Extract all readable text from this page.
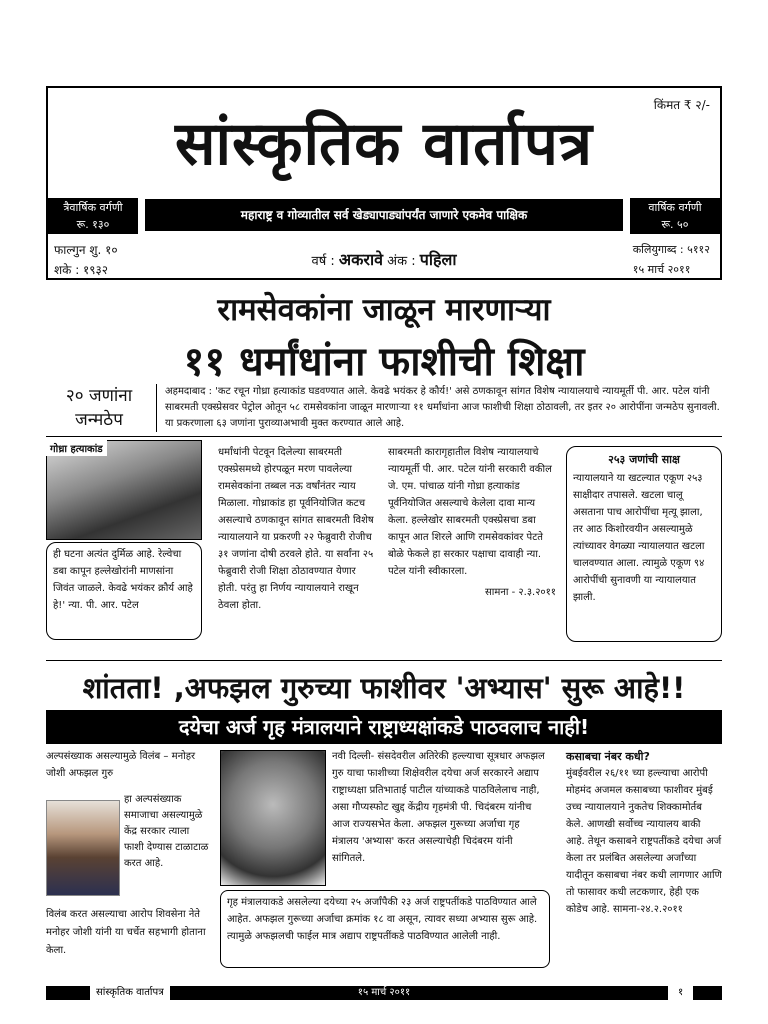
किंमत ₹ २/-
सांस्कृतिक वार्तापत्र
त्रैवार्षिक वर्गणी
रू. १३०
महाराष्ट्र व गोव्यातील सर्व खेड्यापाड्यांपर्यंत जाणारे एकमेव पाक्षिक
वार्षिक वर्गणी
रू. ५०
फाल्गुन शु. १०
शके : १९३२
वर्ष : अकरावे अंक : पहिला
कलियुगाब्द : ५११२
१५ मार्च २०११
रामसेवकांना जाळून मारणाऱ्या
११ धर्मांधांना फाशीची शिक्षा
२० जणांना जन्मठेप
अहमदाबाद : 'कट रचून गोध्रा हत्याकांड घडवण्यात आले. केवढे भयंकर हे कौर्य!' असे ठणकावून सांगत विशेष न्यायालयाचे न्यायमूर्ती पी. आर. पटेल यांनी साबरमती एक्स्प्रेसवर पेट्रोल ओतून ५८ रामसेवकांना जाळून मारणाऱ्या ११ धर्मांधांना आज फाशीची शिक्षा ठोठावली, तर इतर २० आरोपींना जन्मठेप सुनावली. या प्रकरणाला ६३ जणांना पुराव्याअभावी मुक्त करण्यात आले आहे.
गोध्रा हत्याकांड
ही घटना अत्यंत दुर्मिळ आहे. रेल्वेचा डबा कापून हल्लेखोरांनी माणसांना जिवंत जाळले. केवढे भयंकर क्रौर्य आहे हे!' न्या. पी. आर. पटेल
धर्मांधांनी पेटवून दिलेल्या साबरमती एक्स्प्रेसमध्ये होरपळून मरण पावलेल्या रामसेवकांना तब्बल नऊ वर्षांनंतर न्याय मिळाला. गोध्राकांड हा पूर्वनियोजित कटच असल्याचे ठणकावून सांगत साबरमती विशेष न्यायालयाने या प्रकरणी २२ फेब्रुवारी रोजीच ३१ जणांना दोषी ठरवले होते. या सर्वांना २५ फेब्रुवारी रोजी शिक्षा ठोठावण्यात येणार होती. परंतु हा निर्णय न्यायालयाने राखून ठेवला होता.
साबरमती कारागृहातील विशेष न्यायालयाचे न्यायमूर्ती पी. आर. पटेल यांनी सरकारी वकील जे. एम. पांचाळ यांनी गोध्रा हत्याकांड पूर्वनियोजित असल्याचे केलेला दावा मान्य केला. हल्लेखोर साबरमती एक्स्प्रेसचा डबा कापून आत शिरले आणि रामसेवकांवर पेटते बोळे फेकले हा सरकार पक्षाचा दावाही न्या. पटेल यांनी स्वीकारला.
सामना - २.३.२०११
२५३ जणांची साक्ष
न्यायालयाने या खटल्यात एकूण २५३ साक्षीदार तपासले. खटला चालू असताना पाच आरोपींचा मृत्यू झाला, तर आठ किशोरवयीन असल्यामुळे त्यांच्यावर वेगळ्या न्यायालयात खटला चालवण्यात आला. त्यामुळे एकूण ९४ आरोपींची सुनावणी या न्यायालयात झाली.
शांतता! ,अफझल गुरुच्या फाशीवर 'अभ्यास' सुरू आहे!!
दयेचा अर्ज गृह मंत्रालयाने राष्ट्राध्यक्षांकडे पाठवलाच नाही!
अल्पसंख्याक असल्यामुळे विलंब – मनोहर जोशी अफझल गुरु
हा अल्पसंख्याक समाजाचा असल्यामुळे केंद्र सरकार त्याला फाशी देण्यास टाळाटाळ करत आहे.
विलंब करत असल्याचा आरोप शिवसेना नेते मनोहर जोशी यांनी या चर्चेत सहभागी होताना केला.
नवी दिल्ली- संसदेवरील अतिरेकी हल्ल्याचा सूत्रधार अफझल गुरु याचा फाशीच्या शिक्षेवरील दयेचा अर्ज सरकारने अद्याप राष्ट्राध्यक्षा प्रतिभाताई पाटील यांच्याकडे पाठविलेलाच नाही, असा गौप्यस्फोट खुद्द केंद्रीय गृहमंत्री पी. चिदंबरम यांनीच आज राज्यसभेत केला. अफझल गुरूच्या अर्जाचा गृह मंत्रालय 'अभ्यास' करत असल्याचेही चिदंबरम यांनी सांगितले.
गृह मंत्रालयाकडे असलेल्या दयेच्या २५ अर्जांपैकी २३ अर्ज राष्ट्रपतींकडे पाठविण्यात आले आहेत. अफझल गुरूच्या अर्जाचा क्रमांक १८ वा असून, त्यावर सध्या अभ्यास सुरू आहे. त्यामुळे अफझलची फाईल मात्र अद्याप राष्ट्रपतींकडे पाठविण्यात आलेली नाही.
कसाबचा नंबर कधी?
मुंबईवरील २६/११ च्या हल्ल्याचा आरोपी मोहमंद अजमल कसाबच्या फाशीवर मुंबई उच्च न्यायालयाने नुकतेच शिक्कामोर्तब केले. आणखी सर्वोच्च न्यायालय बाकी आहे. तेथून कसाबने राष्ट्रपतींकडे दयेचा अर्ज केला तर प्रलंबित असलेल्या अर्जांच्या यादीतून कसाबचा नंबर कधी लागणार आणि तो फासावर कधी लटकणार, हेही एक कोडेच आहे. सामना-२४.२.२०११
सांस्कृतिक वार्तापत्र	१५ मार्च २०११	१
